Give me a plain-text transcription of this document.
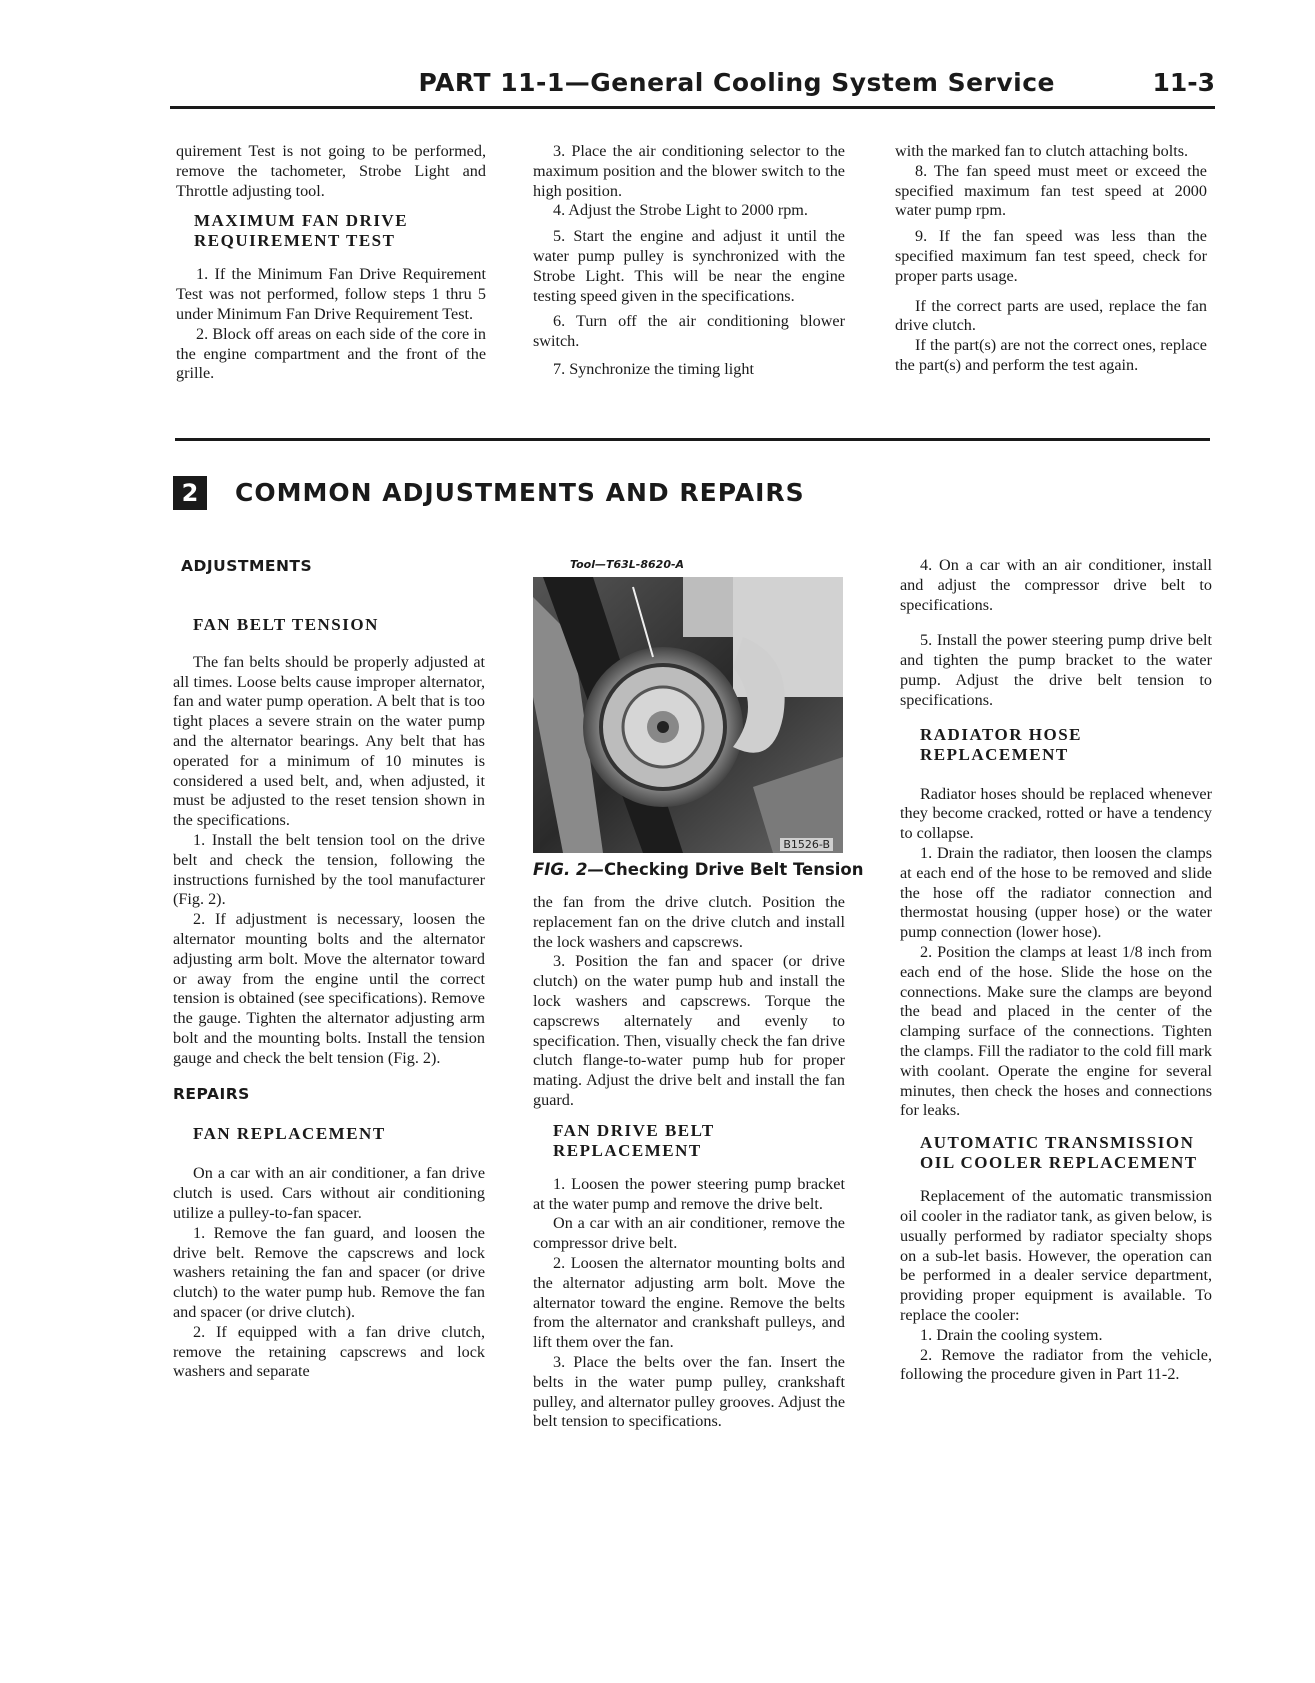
PART 11-1—General Cooling System Service	11-3

quirement Test is not going to be performed, remove the tachometer, Strobe Light and Throttle adjusting tool.

MAXIMUM FAN DRIVE
REQUIREMENT TEST

1. If the Minimum Fan Drive Requirement Test was not performed, follow steps 1 thru 5 under Minimum Fan Drive Requirement Test.

2. Block off areas on each side of the core in the engine compartment and the front of the grille.

3. Place the air conditioning selector to the maximum position and the blower switch to the high position.

4. Adjust the Strobe Light to 2000 rpm.

5. Start the engine and adjust it until the water pump pulley is synchronized with the Strobe Light. This will be near the engine testing speed given in the specifications.

6. Turn off the air conditioning blower switch.

7. Synchronize the timing light

with the marked fan to clutch attaching bolts.

8. The fan speed must meet or exceed the specified maximum fan test speed at 2000 water pump rpm.

9. If the fan speed was less than the specified maximum fan test speed, check for proper parts usage.

If the correct parts are used, replace the fan drive clutch.

If the part(s) are not the correct ones, replace the part(s) and perform the test again.

2	COMMON ADJUSTMENTS AND REPAIRS
ADJUSTMENTS
FAN BELT TENSION

The fan belts should be properly adjusted at all times. Loose belts cause improper alternator, fan and water pump operation. A belt that is too tight places a severe strain on the water pump and the alternator bearings. Any belt that has operated for a minimum of 10 minutes is considered a used belt, and, when adjusted, it must be adjusted to the reset tension shown in the specifications.

1. Install the belt tension tool on the drive belt and check the tension, following the instructions furnished by the tool manufacturer (Fig. 2).

2. If adjustment is necessary, loosen the alternator mounting bolts and the alternator adjusting arm bolt. Move the alternator toward or away from the engine until the correct tension is obtained (see specifications). Remove the gauge. Tighten the alternator adjusting arm bolt and the mounting bolts. Install the tension gauge and check the belt tension (Fig. 2).

REPAIRS
FAN REPLACEMENT

On a car with an air conditioner, a fan drive clutch is used. Cars without air conditioning utilize a pulley-to-fan spacer.

1. Remove the fan guard, and loosen the drive belt. Remove the capscrews and lock washers retaining the fan and spacer (or drive clutch) to the water pump hub. Remove the fan and spacer (or drive clutch).

2. If equipped with a fan drive clutch, remove the retaining capscrews and lock washers and separate

Tool—T63L-8620-A
B1526-B
FIG. 2—Checking Drive Belt Tension

the fan from the drive clutch. Position the replacement fan on the drive clutch and install the lock washers and capscrews.

3. Position the fan and spacer (or drive clutch) on the water pump hub and install the lock washers and capscrews. Torque the capscrews alternately and evenly to specification. Then, visually check the fan drive clutch flange-to-water pump hub for proper mating. Adjust the drive belt and install the fan guard.

FAN DRIVE BELT
REPLACEMENT

1. Loosen the power steering pump bracket at the water pump and remove the drive belt.

On a car with an air conditioner, remove the compressor drive belt.

2. Loosen the alternator mounting bolts and the alternator adjusting arm bolt. Move the alternator toward the engine. Remove the belts from the alternator and crankshaft pulleys, and lift them over the fan.

3. Place the belts over the fan. Insert the belts in the water pump pulley, crankshaft pulley, and alternator pulley grooves. Adjust the belt tension to specifications.

4. On a car with an air conditioner, install and adjust the compressor drive belt to specifications.

5. Install the power steering pump drive belt and tighten the pump bracket to the water pump. Adjust the drive belt tension to specifications.

RADIATOR HOSE
REPLACEMENT

Radiator hoses should be replaced whenever they become cracked, rotted or have a tendency to collapse.

1. Drain the radiator, then loosen the clamps at each end of the hose to be removed and slide the hose off the radiator connection and thermostat housing (upper hose) or the water pump connection (lower hose).

2. Position the clamps at least 1/8 inch from each end of the hose. Slide the hose on the connections. Make sure the clamps are beyond the bead and placed in the center of the clamping surface of the connections. Tighten the clamps. Fill the radiator to the cold fill mark with coolant. Operate the engine for several minutes, then check the hoses and connections for leaks.

AUTOMATIC TRANSMISSION
OIL COOLER REPLACEMENT

Replacement of the automatic transmission oil cooler in the radiator tank, as given below, is usually performed by radiator specialty shops on a sub-let basis. However, the operation can be performed in a dealer service department, providing proper equipment is available. To replace the cooler:

1. Drain the cooling system.

2. Remove the radiator from the vehicle, following the procedure given in Part 11-2.
